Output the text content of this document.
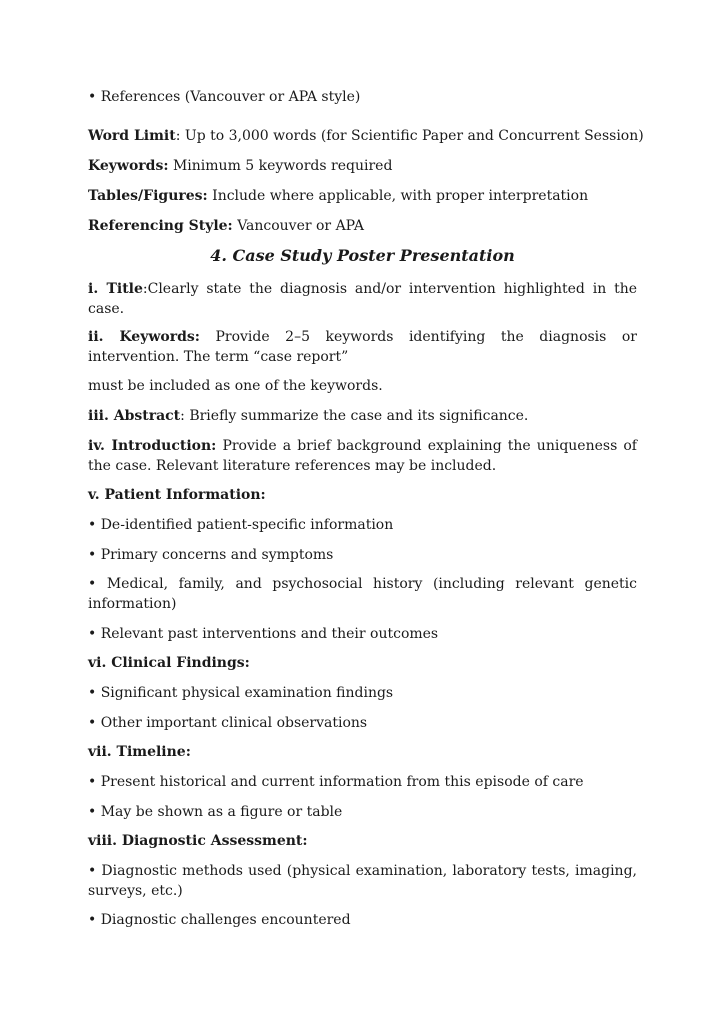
• References (Vancouver or APA style)
Word Limit: Up to 3,000 words (for Scientific Paper and Concurrent Session)
Keywords: Minimum 5 keywords required
Tables/Figures: Include where applicable, with proper interpretation
Referencing Style: Vancouver or APA
4. Case Study Poster Presentation
i. Title:Clearly state the diagnosis and/or intervention highlighted in the case.
ii. Keywords: Provide 2–5 keywords identifying the diagnosis or intervention. The term “case report”
must be included as one of the keywords.
iii. Abstract: Briefly summarize the case and its significance.
iv. Introduction: Provide a brief background explaining the uniqueness of the case. Relevant literature references may be included.
v. Patient Information:
• De-identified patient-specific information
• Primary concerns and symptoms
• Medical, family, and psychosocial history (including relevant genetic information)
• Relevant past interventions and their outcomes
vi. Clinical Findings:
• Significant physical examination findings
• Other important clinical observations
vii. Timeline:
• Present historical and current information from this episode of care
• May be shown as a figure or table
viii. Diagnostic Assessment:
• Diagnostic methods used (physical examination, laboratory tests, imaging, surveys, etc.)
• Diagnostic challenges encountered
